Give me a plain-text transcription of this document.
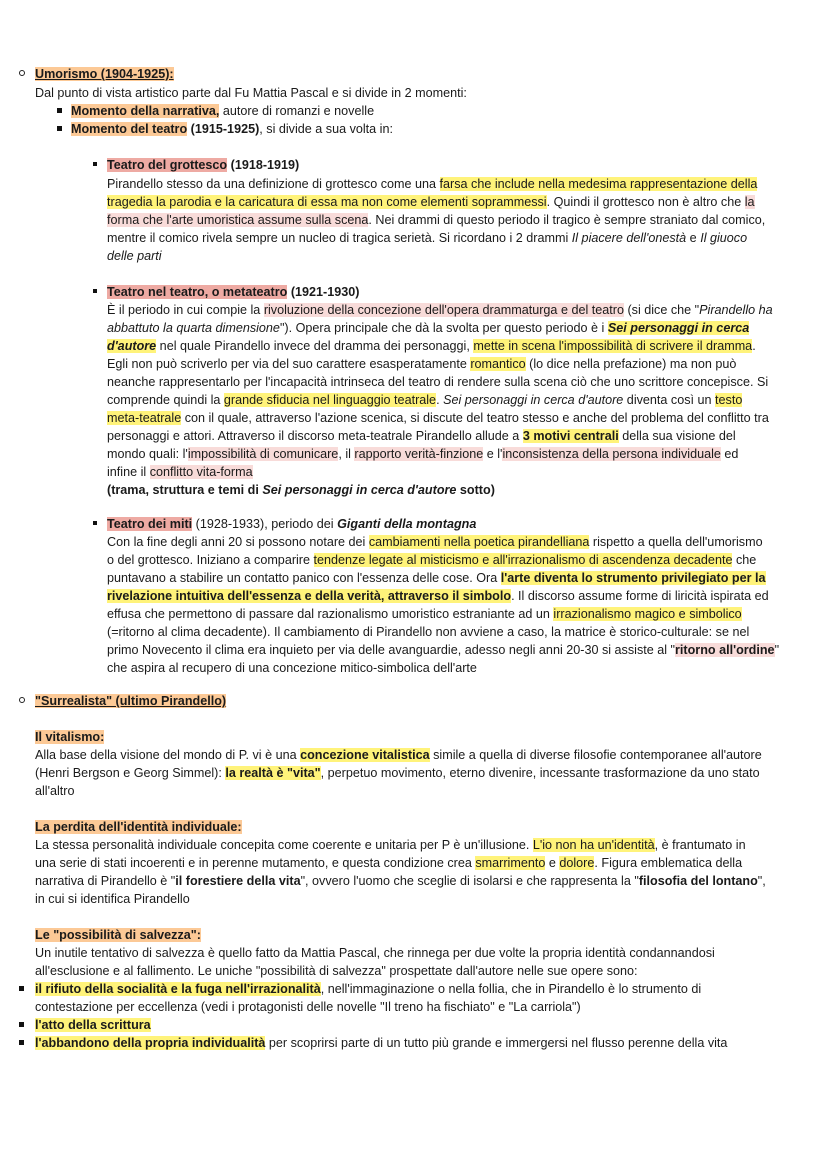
Umorismo (1904-1925):
Dal punto di vista artistico parte dal Fu Mattia Pascal e si divide in 2 momenti:
Momento della narrativa, autore di romanzi e novelle
Momento del teatro (1915-1925), si divide a sua volta in:
Teatro del grottesco (1918-1919)
Pirandello stesso da una definizione di grottesco come una farsa che include nella medesima rappresentazione della
tragedia la parodia e la caricatura di essa ma non come elementi soprammessi. Quindi il grottesco non è altro che la
forma che l'arte umoristica assume sulla scena. Nei drammi di questo periodo il tragico è sempre straniato dal comico,
mentre il comico rivela sempre un nucleo di tragica serietà. Si ricordano i 2 drammi Il piacere dell'onestà e Il giuoco
delle parti
Teatro nel teatro, o metateatro (1921-1930)
È il periodo in cui compie la rivoluzione della concezione dell'opera drammaturga e del teatro (si dice che "Pirandello ha
abbattuto la quarta dimensione"). Opera principale che dà la svolta per questo periodo è i Sei personaggi in cerca
d'autore nel quale Pirandello invece del dramma dei personaggi, mette in scena l'impossibilità di scrivere il dramma.
Egli non può scriverlo per via del suo carattere esasperatamente romantico (lo dice nella prefazione) ma non può
neanche rappresentarlo per l'incapacità intrinseca del teatro di rendere sulla scena ciò che uno scrittore concepisce. Si
comprende quindi la grande sfiducia nel linguaggio teatrale. Sei personaggi in cerca d'autore diventa così un testo
meta-teatrale con il quale, attraverso l'azione scenica, si discute del teatro stesso e anche del problema del conflitto tra
personaggi e attori. Attraverso il discorso meta-teatrale Pirandello allude a 3 motivi centrali della sua visione del
mondo quali: l'impossibilità di comunicare, il rapporto verità-finzione e l'inconsistenza della persona individuale ed
infine il conflitto vita-forma
(trama, struttura e temi di Sei personaggi in cerca d'autore sotto)
Teatro dei miti (1928-1933), periodo dei Giganti della montagna
Con la fine degli anni 20 si possono notare dei cambiamenti nella poetica pirandelliana rispetto a quella dell'umorismo
o del grottesco. Iniziano a comparire tendenze legate al misticismo e all'irrazionalismo di ascendenza decadente che
puntavano a stabilire un contatto panico con l'essenza delle cose. Ora l'arte diventa lo strumento privilegiato per la
rivelazione intuitiva dell'essenza e della verità, attraverso il simbolo. Il discorso assume forme di liricità ispirata ed
effusa che permettono di passare dal razionalismo umoristico estraniante ad un irrazionalismo magico e simbolico
(=ritorno al clima decadente). Il cambiamento di Pirandello non avviene a caso, la matrice è storico-culturale: se nel
primo Novecento il clima era inquieto per via delle avanguardie, adesso negli anni 20-30 si assiste al "ritorno all'ordine"
che aspira al recupero di una concezione mitico-simbolica dell'arte
"Surrealista" (ultimo Pirandello)
Il vitalismo:
Alla base della visione del mondo di P. vi è una concezione vitalistica simile a quella di diverse filosofie contemporanee all'autore
(Henri Bergson e Georg Simmel): la realtà è "vita", perpetuo movimento, eterno divenire, incessante trasformazione da uno stato
all'altro
La perdita dell'identità individuale:
La stessa personalità individuale concepita come coerente e unitaria per P è un'illusione. L'io non ha un'identità, è frantumato in
una serie di stati incoerenti e in perenne mutamento, e questa condizione crea smarrimento e dolore. Figura emblematica della
narrativa di Pirandello è "il forestiere della vita", ovvero l'uomo che sceglie di isolarsi e che rappresenta la "filosofia del lontano",
in cui si identifica Pirandello
Le "possibilità di salvezza":
Un inutile tentativo di salvezza è quello fatto da Mattia Pascal, che rinnega per due volte la propria identità condannandosi
all'esclusione e al fallimento. Le uniche "possibilità di salvezza" prospettate dall'autore nelle sue opere sono:
il rifiuto della socialità e la fuga nell'irrazionalità, nell'immaginazione o nella follia, che in Pirandello è lo strumento di
contestazione per eccellenza (vedi i protagonisti delle novelle "Il treno ha fischiato" e "La carriola")
l'atto della scrittura
l'abbandono della propria individualità per scoprirsi parte di un tutto più grande e immergersi nel flusso perenne della vita
